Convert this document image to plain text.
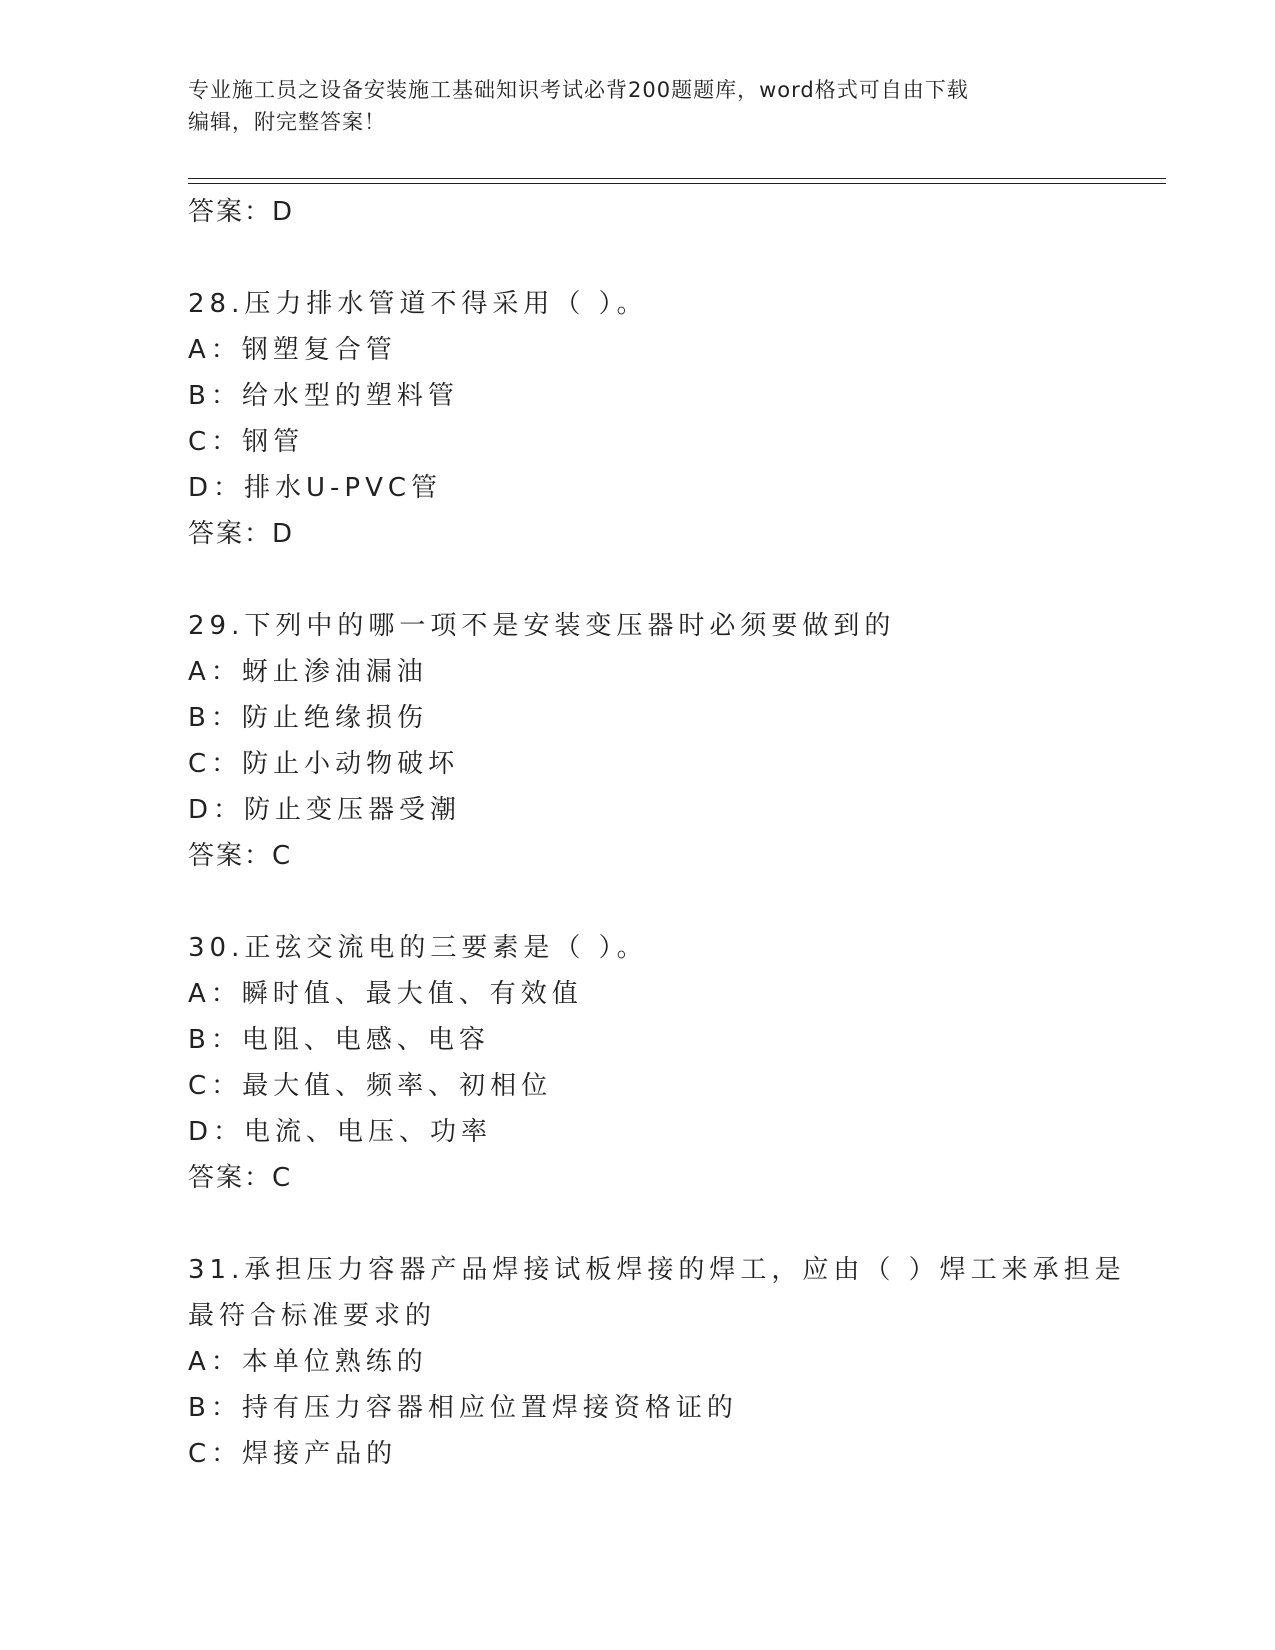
专业施工员之设备安装施工基础知识考试必背200题题库，word格式可自由下载
编辑，附完整答案！
答案：D
28.压力排水管道不得采用（ ）。
A：钢塑复合管
B：给水型的塑料管
C：钢管
D：排水U-PVC管
答案：D
29.下列中的哪一项不是安装变压器时必须要做到的
A：蚜止渗油漏油
B：防止绝缘损伤
C：防止小动物破坏
D：防止变压器受潮
答案：C
30.正弦交流电的三要素是（ ）。
A：瞬时值、最大值、有效值
B：电阻、电感、电容
C：最大值、频率、初相位
D：电流、电压、功率
答案：C
31.承担压力容器产品焊接试板焊接的焊工，应由（ ）焊工来承担是
最符合标准要求的
A：本单位熟练的
B：持有压力容器相应位置焊接资格证的
C：焊接产品的
